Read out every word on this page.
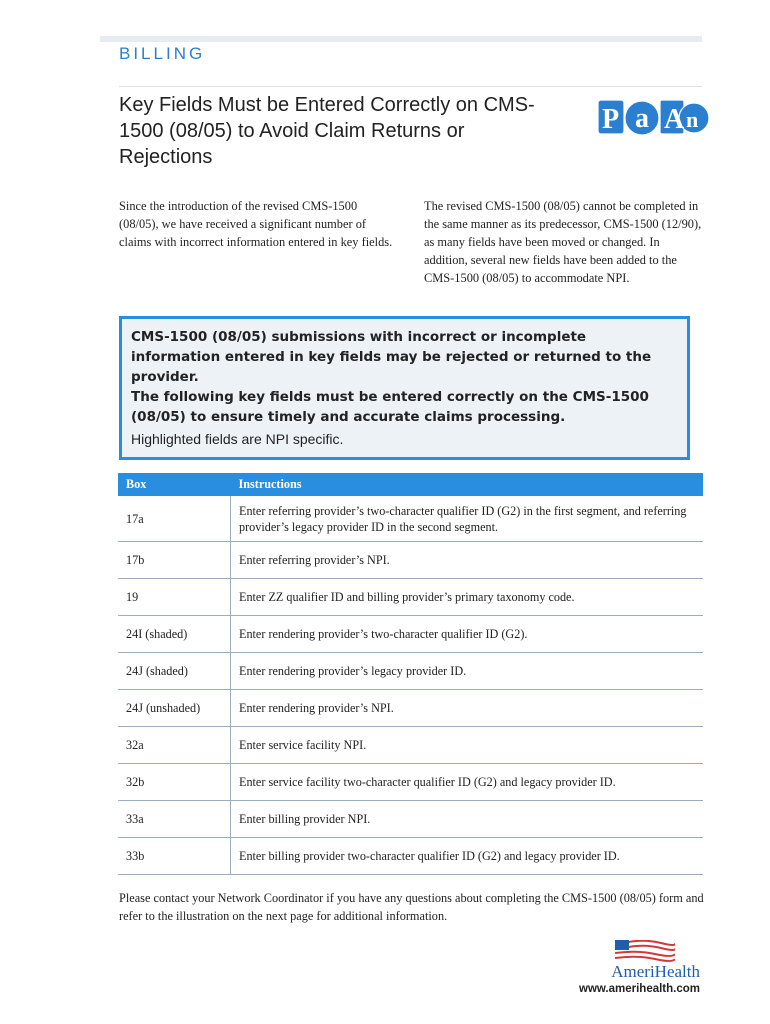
BILLING
Key Fields Must be Entered Correctly on CMS-1500 (08/05) to Avoid Claim Returns or Rejections
P a A n

Since the introduction of the revised CMS-1500 (08/05), we have received a significant number of claims with incorrect information entered in key fields.

The revised CMS-1500 (08/05) cannot be completed in the same manner as its predecessor, CMS-1500 (12/90), as many fields have been moved or changed. In addition, several new fields have been added to the CMS-1500 (08/05) to accommodate NPI.

CMS-1500 (08/05) submissions with incorrect or incomplete information entered in key fields may be rejected or returned to the provider.

The following key fields must be entered correctly on the CMS-1500 (08/05) to ensure timely and accurate claims processing.

Highlighted fields are NPI specific.

Box	Instructions
17a	Enter referring provider’s two-character qualifier ID (G2) in the first segment, and referring provider’s legacy provider ID in the second segment.
17b	Enter referring provider’s NPI.
19	Enter ZZ qualifier ID and billing provider’s primary taxonomy code.
24I (shaded)	Enter rendering provider’s two-character qualifier ID (G2).
24J (shaded)	Enter rendering provider’s legacy provider ID.
24J (unshaded)	Enter rendering provider’s NPI.
32a	Enter service facility NPI.
32b	Enter service facility two-character qualifier ID (G2) and legacy provider ID.
33a	Enter billing provider NPI.
33b	Enter billing provider two-character qualifier ID (G2) and legacy provider ID.

Please contact your Network Coordinator if you have any questions about completing the CMS-1500 (08/05) form and refer to the illustration on the next page for additional information.

AmeriHealth

www.amerihealth.com
